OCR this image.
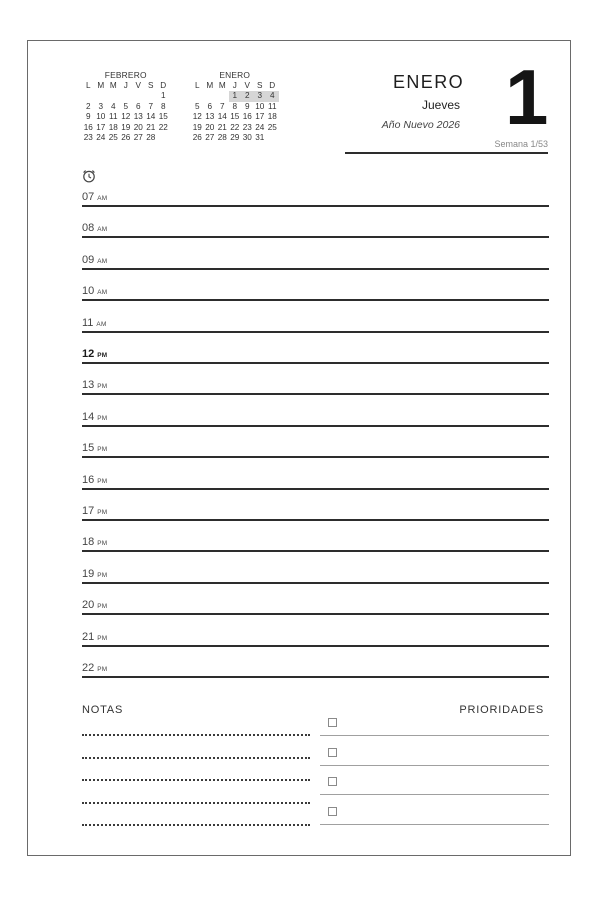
FEBRERO
L	M	M	J	V	S	D
						1
2	3	4	5	6	7	8
9	10	11	12	13	14	15
16	17	18	19	20	21	22
23	24	25	26	27	28	
ENERO
L	M	M	J	V	S	D
			1	2	3	4
5	6	7	8	9	10	11
12	13	14	15	16	17	18
19	20	21	22	23	24	25
26	27	28	29	30	31	
ENERO
Jueves
Año Nuevo 2026 1
Semana 1/53
07 AM
08 AM
09 AM
10 AM
11 AM
12 PM
13 PM
14 PM
15 PM
16 PM
17 PM
18 PM
19 PM
20 PM
21 PM
22 PM
NOTAS	PRIORIDADES
